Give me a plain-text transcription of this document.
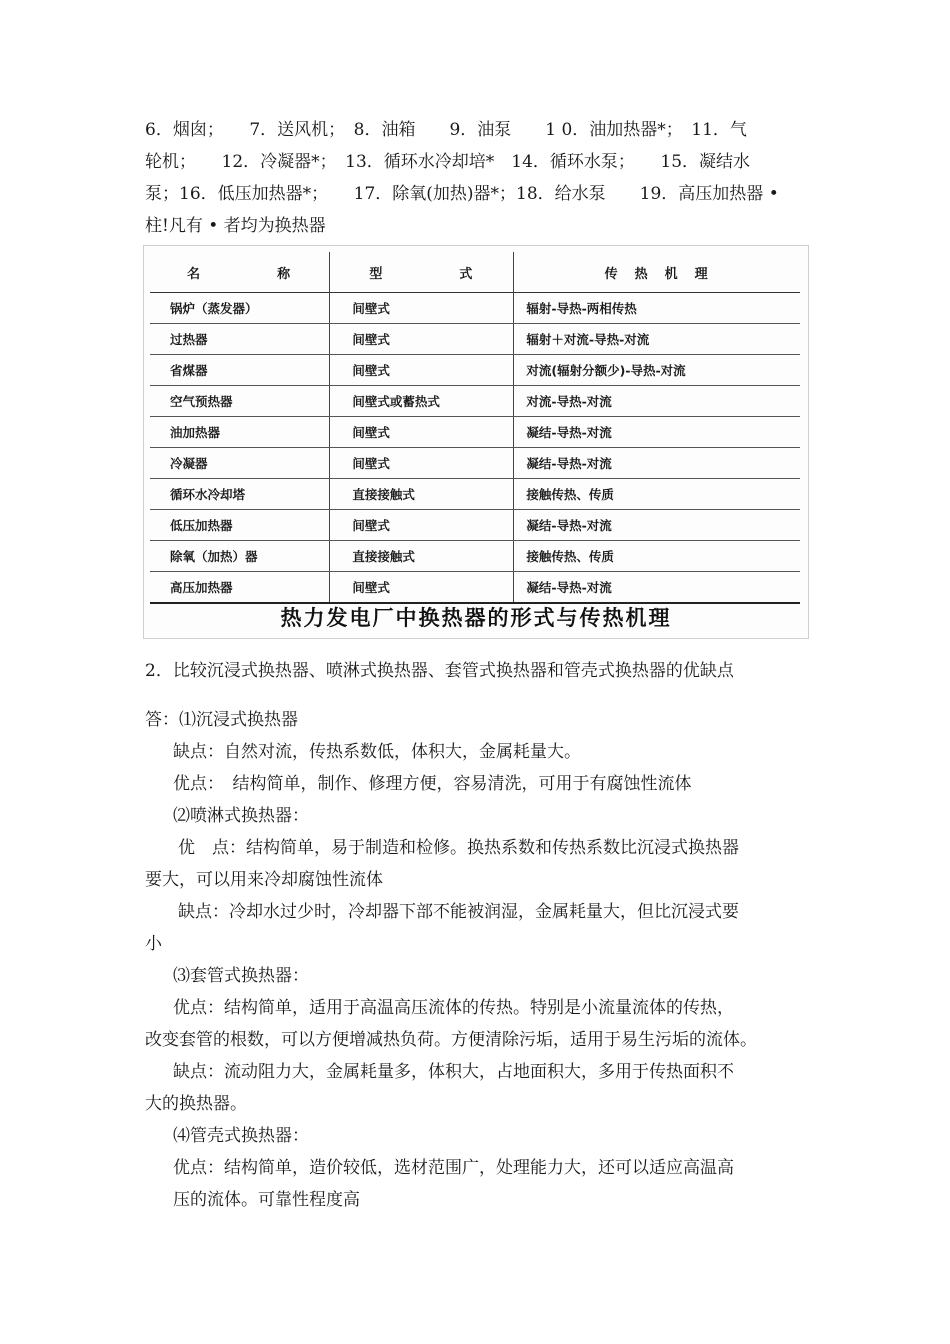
6．烟囱；　　7．送风机；　8．油箱　　9．油泵　　1 0．油加热器*；　11．气
轮机；　　12．冷凝器*；　13．循环水冷却培*　14．循环水泵；　　15．凝结水
泵；16．低压加热器*；　　17．除氧(加热)器*；18．给水泵　　19．高压加热器 •
柱!凡有 • 者均为换热器
名　　　　　称	型　　　　　式	传　热　机　理
锅炉（蒸发器）	间壁式	辐射-导热-两相传热
过热器	间壁式	辐射＋对流-导热-对流
省煤器	间壁式	对流(辐射分额少)-导热-对流
空气预热器	间壁式或蓄热式	对流-导热-对流
油加热器	间壁式	凝结-导热-对流
冷凝器	间壁式	凝结-导热-对流
循环水冷却塔	直接接触式	接触传热、传质
低压加热器	间壁式	凝结-导热-对流
除氧（加热）器	直接接触式	接触传热、传质
高压加热器	间壁式	凝结-导热-对流
热力发电厂中换热器的形式与传热机理
2．比较沉浸式换热器、喷淋式换热器、套管式换热器和管壳式换热器的优缺点
答：⑴沉浸式换热器
缺点：自然对流，传热系数低，体积大，金属耗量大。
优点：　结构简单，制作、修理方便，容易清洗，可用于有腐蚀性流体
⑵喷淋式换热器：
优　点：结构简单，易于制造和检修。换热系数和传热系数比沉浸式换热器
要大，可以用来冷却腐蚀性流体
缺点：冷却水过少时，冷却器下部不能被润湿，金属耗量大，但比沉浸式要
小
⑶套管式换热器：
优点：结构简单，适用于高温高压流体的传热。特别是小流量流体的传热，
改变套管的根数，可以方便增减热负荷。方便清除污垢，适用于易生污垢的流体。
缺点：流动阻力大，金属耗量多，体积大，占地面积大，多用于传热面积不
大的换热器。
⑷管壳式换热器：
优点：结构简单，造价较低，选材范围广，处理能力大，还可以适应高温高
压的流体。可靠性程度高
